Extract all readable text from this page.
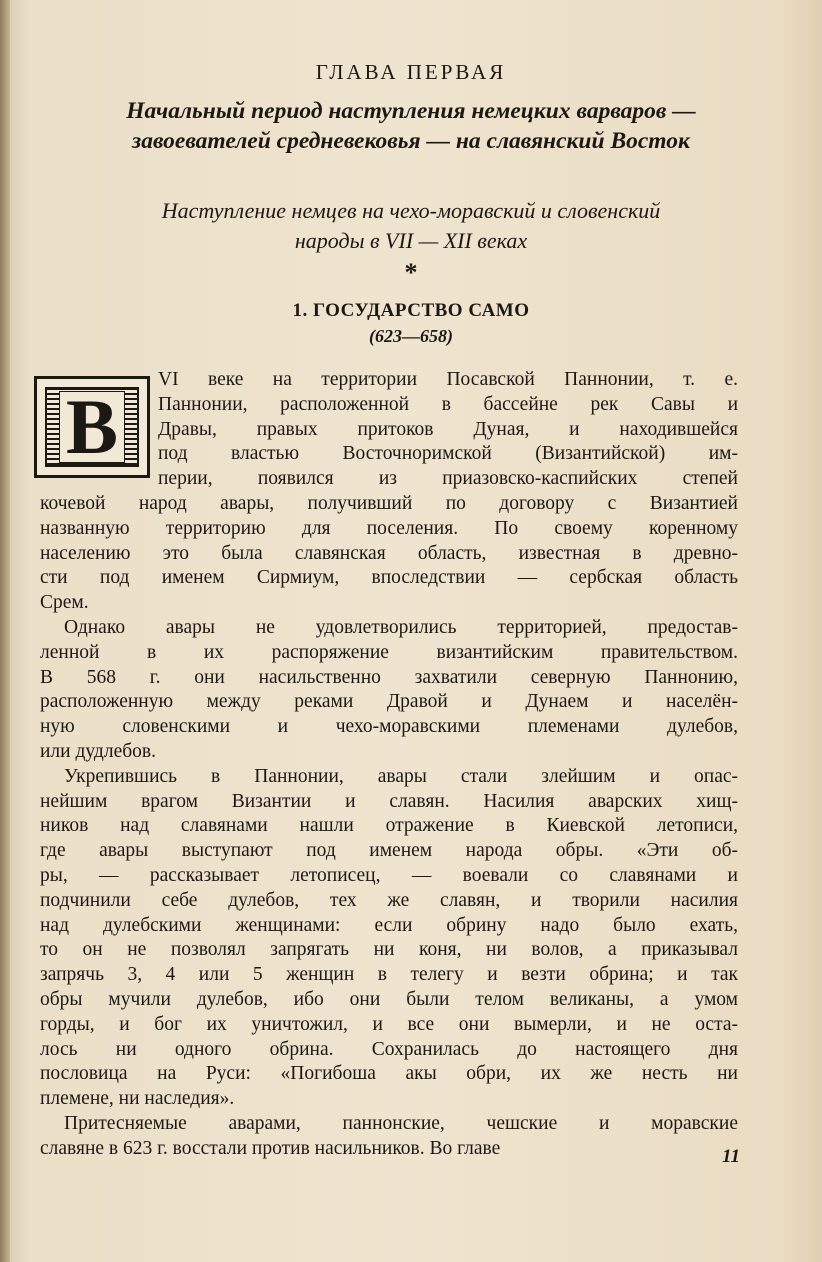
ГЛАВА ПЕРВАЯ
Начальный период наступления немецких варваров —
завоевателей средневековья — на славянский Восток
Наступление немцев на чехо-моравский и словенский
народы в VII — XII веках
*
1. ГОСУДАРСТВО САМО
(623—658)
В
VI веке на территории Посавской Паннонии, т. е.
Паннонии, расположенной в бассейне рек Савы и
Дравы, правых притоков Дуная, и находившейся
под властью Восточноримской (Византийской) им-
перии, появился из приазовско-каспийских степей
кочевой народ авары, получивший по договору с Византией
названную территорию для поселения. По своему коренному
населению это была славянская область, известная в древно-
сти под именем Сирмиум, впоследствии — сербская область
Срем.
Однако авары не удовлетворились территорией, предостав-
ленной в их распоряжение византийским правительством.
В 568 г. они насильственно захватили северную Паннонию,
расположенную между реками Дравой и Дунаем и населён-
ную словенскими и чехо-моравскими племенами дулебов,
или дудлебов.
Укрепившись в Паннонии, авары стали злейшим и опас-
нейшим врагом Византии и славян. Насилия аварских хищ-
ников над славянами нашли отражение в Киевской летописи,
где авары выступают под именем народа обры. «Эти об-
ры, — рассказывает летописец, — воевали со славянами и
подчинили себе дулебов, тех же славян, и творили насилия
над дулебскими женщинами: если обрину надо было ехать,
то он не позволял запрягать ни коня, ни волов, а приказывал
запрячь 3, 4 или 5 женщин в телегу и везти обрина; и так
обры мучили дулебов, ибо они были телом великаны, а умом
горды, и бог их уничтожил, и все они вымерли, и не оста-
лось ни одного обрина. Сохранилась до настоящего дня
пословица на Руси: «Погибоша акы обри, их же несть ни
племене, ни наследия».
Притесняемые аварами, паннонские, чешские и моравские
славяне в 623 г. восстали против насильников. Во главе	11
